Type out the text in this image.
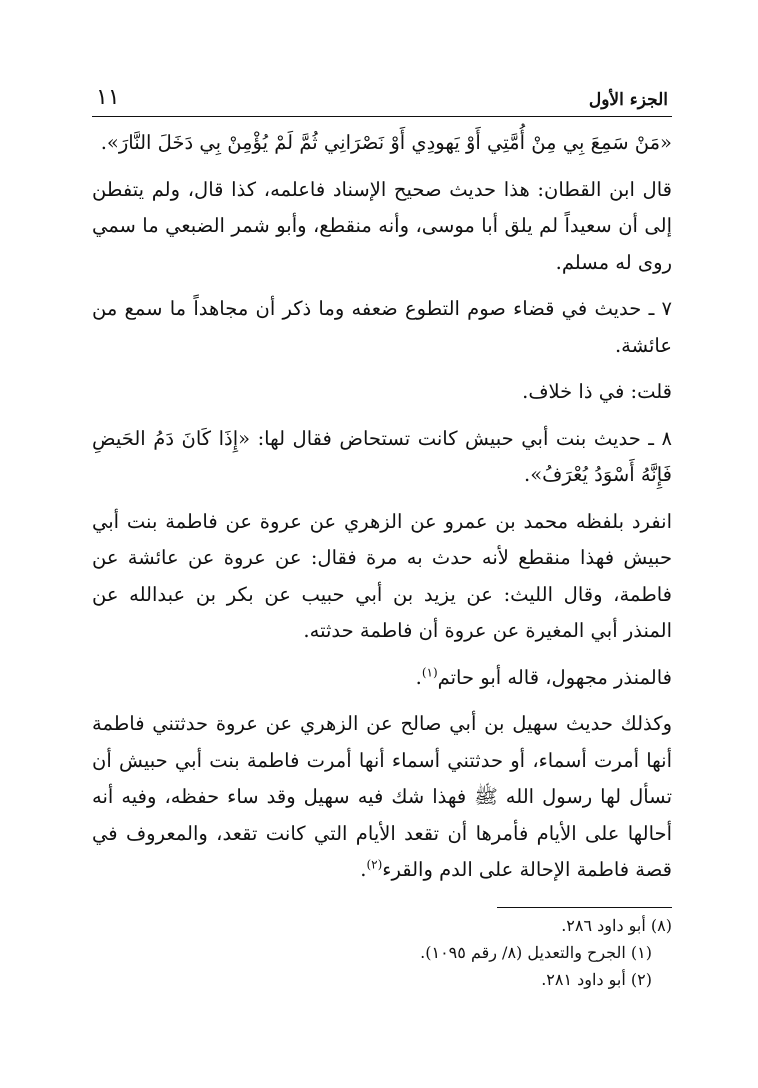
الجزء الأول
١١

«مَنْ سَمِعَ بِي مِنْ أُمَّتِي أَوْ يَهودِي أَوْ نَصْرَانِي ثُمَّ لَمْ يُؤْمِنْ بِي دَخَلَ النَّارَ».

قال ابن القطان: هذا حديث صحيح الإسناد فاعلمه، كذا قال، ولم يتفطن إلى أن سعيداً لم يلق أبا موسى، وأنه منقطع، وأبو شمر الضبعي ما سمي روى له مسلم.

٧ ـ حديث في قضاء صوم التطوع ضعفه وما ذكر أن مجاهداً ما سمع من عائشة.

قلت: في ذا خلاف.

٨ ـ حديث بنت أبي حبيش كانت تستحاض فقال لها: «إِذَا كَانَ دَمُ الحَيضِ فَإِنَّهُ أَسْوَدُ يُعْرَفُ».

انفرد بلفظه محمد بن عمرو عن الزهري عن عروة عن فاطمة بنت أبي حبيش فهذا منقطع لأنه حدث به مرة فقال: عن عروة عن عائشة عن فاطمة، وقال الليث: عن يزيد بن أبي حبيب عن بكر بن عبدالله عن المنذر أبي المغيرة عن عروة أن فاطمة حدثته.

فالمنذر مجهول، قاله أبو حاتم$^{(١)}$.

وكذلك حديث سهيل بن أبي صالح عن الزهري عن عروة حدثتني فاطمة أنها أمرت أسماء، أو حدثتني أسماء أنها أمرت فاطمة بنت أبي حبيش أن تسأل لها رسول الله ﷺ فهذا شك فيه سهيل وقد ساء حفظه، وفيه أنه أحالها على الأيام فأمرها أن تقعد الأيام التي كانت تقعد، والمعروف في قصة فاطمة الإحالة على الدم والقرء$^{(٢)}$.

(٨) أبو داود ٢٨٦.
(١) الجرح والتعديل (٨/ رقم ١٠٩٥).
(٢) أبو داود ٢٨١.
